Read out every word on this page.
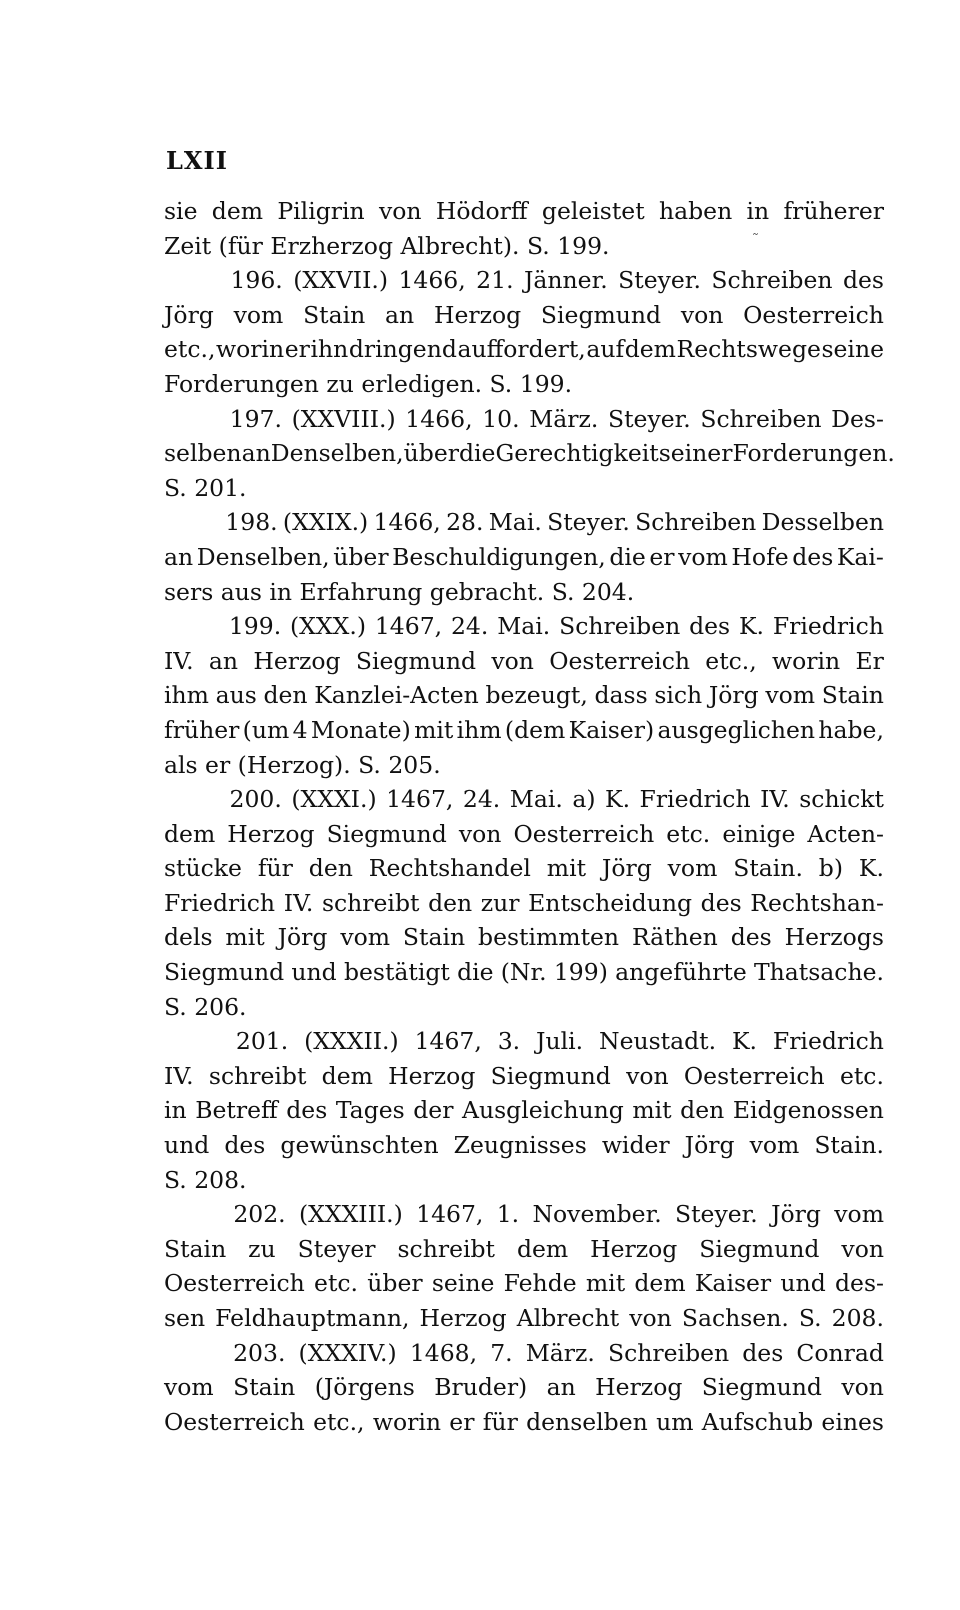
LXII
sie dem Piligrin von Hödorff geleistet haben in früherer
Zeit (für Erzherzog Albrecht). S. 199.
196. (XXVII.) 1466, 21. Jänner. Steyer. Schreiben des
Jörg vom Stain an Herzog Siegmund von Oesterreich
etc., worin er ihn dringend auffordert, auf dem Rechtswege seine
Forderungen zu erledigen. S. 199.
197. (XXVIII.) 1466, 10. März. Steyer. Schreiben Des-
selben an Denselben, über die Gerechtigkeit seiner Forderungen.
S. 201.
198. (XXIX.) 1466, 28. Mai. Steyer. Schreiben Desselben
an Denselben, über Beschuldigungen, die er vom Hofe des Kai-
sers aus in Erfahrung gebracht. S. 204.
199. (XXX.) 1467, 24. Mai. Schreiben des K. Friedrich
IV. an Herzog Siegmund von Oesterreich etc., worin Er
ihm aus den Kanzlei-Acten bezeugt, dass sich Jörg vom Stain
früher (um 4 Monate) mit ihm (dem Kaiser) ausgeglichen habe,
als er (Herzog). S. 205.
200. (XXXI.) 1467, 24. Mai. a) K. Friedrich IV. schickt
dem Herzog Siegmund von Oesterreich etc. einige Acten-
stücke für den Rechtshandel mit Jörg vom Stain. b) K.
Friedrich IV. schreibt den zur Entscheidung des Rechtshan-
dels mit Jörg vom Stain bestimmten Räthen des Herzogs
Siegmund und bestätigt die (Nr. 199) angeführte Thatsache.
S. 206.
201. (XXXII.) 1467, 3. Juli. Neustadt. K. Friedrich
IV. schreibt dem Herzog Siegmund von Oesterreich etc.
in Betreff des Tages der Ausgleichung mit den Eidgenossen
und des gewünschten Zeugnisses wider Jörg vom Stain.
S. 208.
202. (XXXIII.) 1467, 1. November. Steyer. Jörg vom
Stain zu Steyer schreibt dem Herzog Siegmund von
Oesterreich etc. über seine Fehde mit dem Kaiser und des-
sen Feldhauptmann, Herzog Albrecht von Sachsen. S. 208.
203. (XXXIV.) 1468, 7. März. Schreiben des Conrad
vom Stain (Jörgens Bruder) an Herzog Siegmund von
Oesterreich etc., worin er für denselben um Aufschub eines
˜
